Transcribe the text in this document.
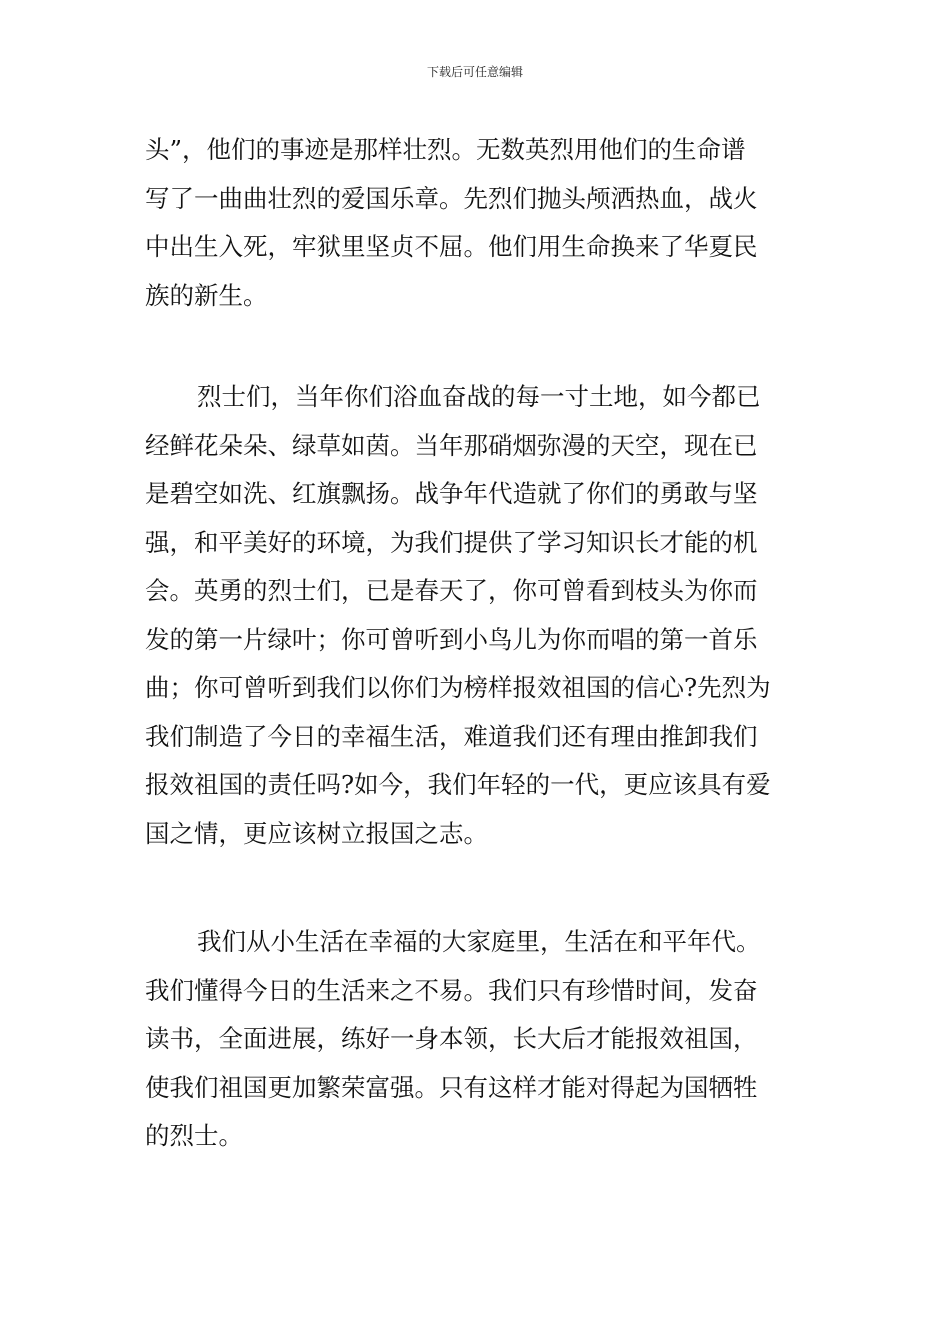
下载后可任意编辑
头”，他们的事迹是那样壮烈。无数英烈用他们的生命谱
写了一曲曲壮烈的爱国乐章。先烈们抛头颅洒热血，战火
中出生入死，牢狱里坚贞不屈。他们用生命换来了华夏民
族的新生。
烈士们，当年你们浴血奋战的每一寸土地，如今都已
经鲜花朵朵、绿草如茵。当年那硝烟弥漫的天空，现在已
是碧空如洗、红旗飘扬。战争年代造就了你们的勇敢与坚
强，和平美好的环境，为我们提供了学习知识长才能的机
会。英勇的烈士们，已是春天了，你可曾看到枝头为你而
发的第一片绿叶；你可曾听到小鸟儿为你而唱的第一首乐
曲；你可曾听到我们以你们为榜样报效祖国的信心?先烈为
我们制造了今日的幸福生活，难道我们还有理由推卸我们
报效祖国的责任吗?如今，我们年轻的一代，更应该具有爱
国之情，更应该树立报国之志。
我们从小生活在幸福的大家庭里，生活在和平年代。
我们懂得今日的生活来之不易。我们只有珍惜时间，发奋
读书，全面进展，练好一身本领，长大后才能报效祖国，
使我们祖国更加繁荣富强。只有这样才能对得起为国牺牲
的烈士。
